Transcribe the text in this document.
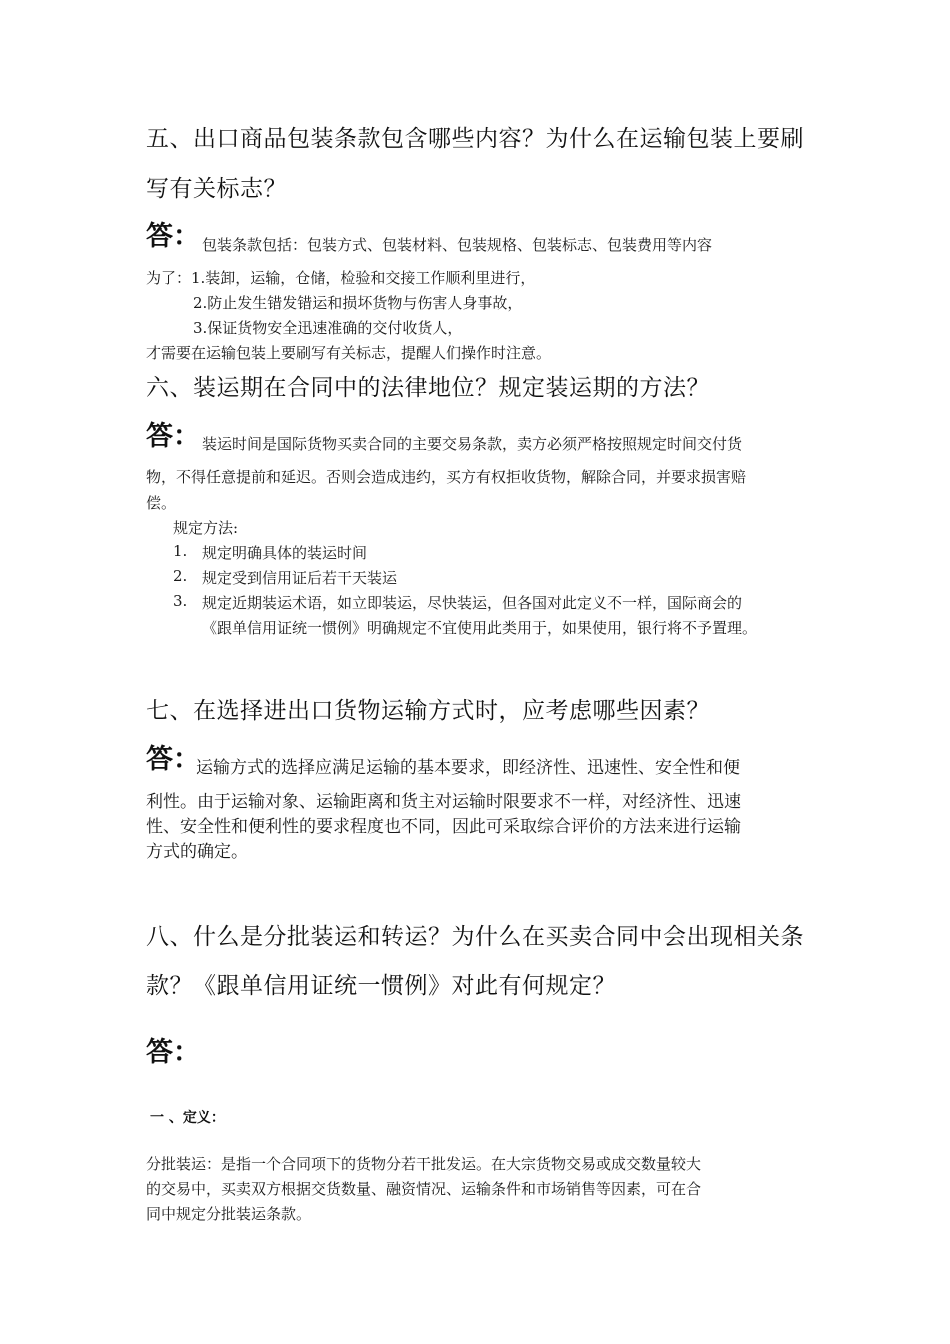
五、出口商品包装条款包含哪些内容？为什么在运输包装上要刷
写有关标志？
答： 包装条款包括：包装方式、包装材料、包装规格、包装标志、包装费用等内容
为了：1.装卸，运输，仓储，检验和交接工作顺利里进行，
2.防止发生错发错运和损坏货物与伤害人身事故，
3.保证货物安全迅速准确的交付收货人，
才需要在运输包装上要刷写有关标志，提醒人们操作时注意。
六、装运期在合同中的法律地位？规定装运期的方法？
答： 装运时间是国际货物买卖合同的主要交易条款，卖方必须严格按照规定时间交付货
物，不得任意提前和延迟。否则会造成违约，买方有权拒收货物，解除合同，并要求损害赔
偿。
规定方法:
1. 规定明确具体的装运时间
2. 规定受到信用证后若干天装运
3. 规定近期装运术语，如立即装运，尽快装运，但各国对此定义不一样，国际商会的
《跟单信用证统一惯例》明确规定不宜使用此类用于，如果使用，银行将不予置理。
七、在选择进出口货物运输方式时，应考虑哪些因素？
答：
运输方式的选择应满足运输的基本要求，即经济性、迅速性、安全性和便
利性。由于运输对象、运输距离和货主对运输时限要求不一样，对经济性、迅速
性、安全性和便利性的要求程度也不同，因此可采取综合评价的方法来进行运输
方式的确定。
八、什么是分批装运和转运？为什么在买卖合同中会出现相关条
款？《跟单信用证统一惯例》对此有何规定？
答：
一 、定义：
分批装运：是指一个合同项下的货物分若干批发运。在大宗货物交易或成交数量较大
的交易中，买卖双方根据交货数量、融资情况、运输条件和市场销售等因素，可在合
同中规定分批装运条款。
